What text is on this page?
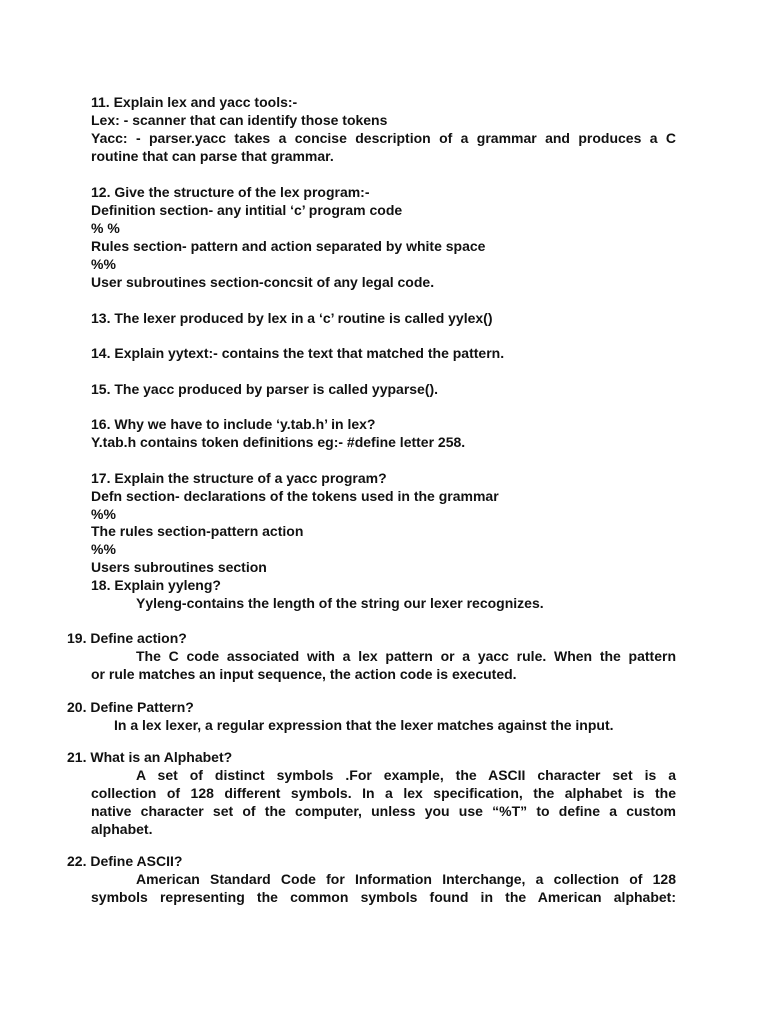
11. Explain lex and yacc tools:-
Lex: - scanner that can identify those tokens
Yacc: - parser.yacc takes a concise description of a grammar and produces a C
routine that can parse that grammar.
12. Give the structure of the lex program:-
Definition section- any intitial ‘c’ program code
% %
Rules section- pattern and action separated by white space
%%
User subroutines section-concsit of any legal code.
13. The lexer produced by lex in a ‘c’ routine is called yylex()
14. Explain yytext:- contains the text that matched the pattern.
15. The yacc produced by parser is called yyparse().
16. Why we have to include ‘y.tab.h’ in lex?
Y.tab.h contains token definitions eg:- #define letter 258.
17. Explain the structure of a yacc program?
Defn section- declarations of the tokens used in the grammar
%%
The rules section-pattern action
%%
Users subroutines section
18. Explain yyleng?
Yyleng-contains the length of the string our lexer recognizes.
19. Define action?
The C code associated with a lex pattern or a yacc rule. When the pattern
or rule matches an input sequence, the action code is executed.
20. Define Pattern?
In a lex lexer, a regular expression that the lexer matches against the input.
21. What is an Alphabet?
A set of distinct symbols .For example, the ASCII character set is a
collection of 128 different symbols. In a lex specification, the alphabet is the
native character set of the computer, unless you use “%T” to define a custom
alphabet.
22. Define ASCII?
American Standard Code for Information Interchange, a collection of 128
symbols representing the common symbols found in the American alphabet:
